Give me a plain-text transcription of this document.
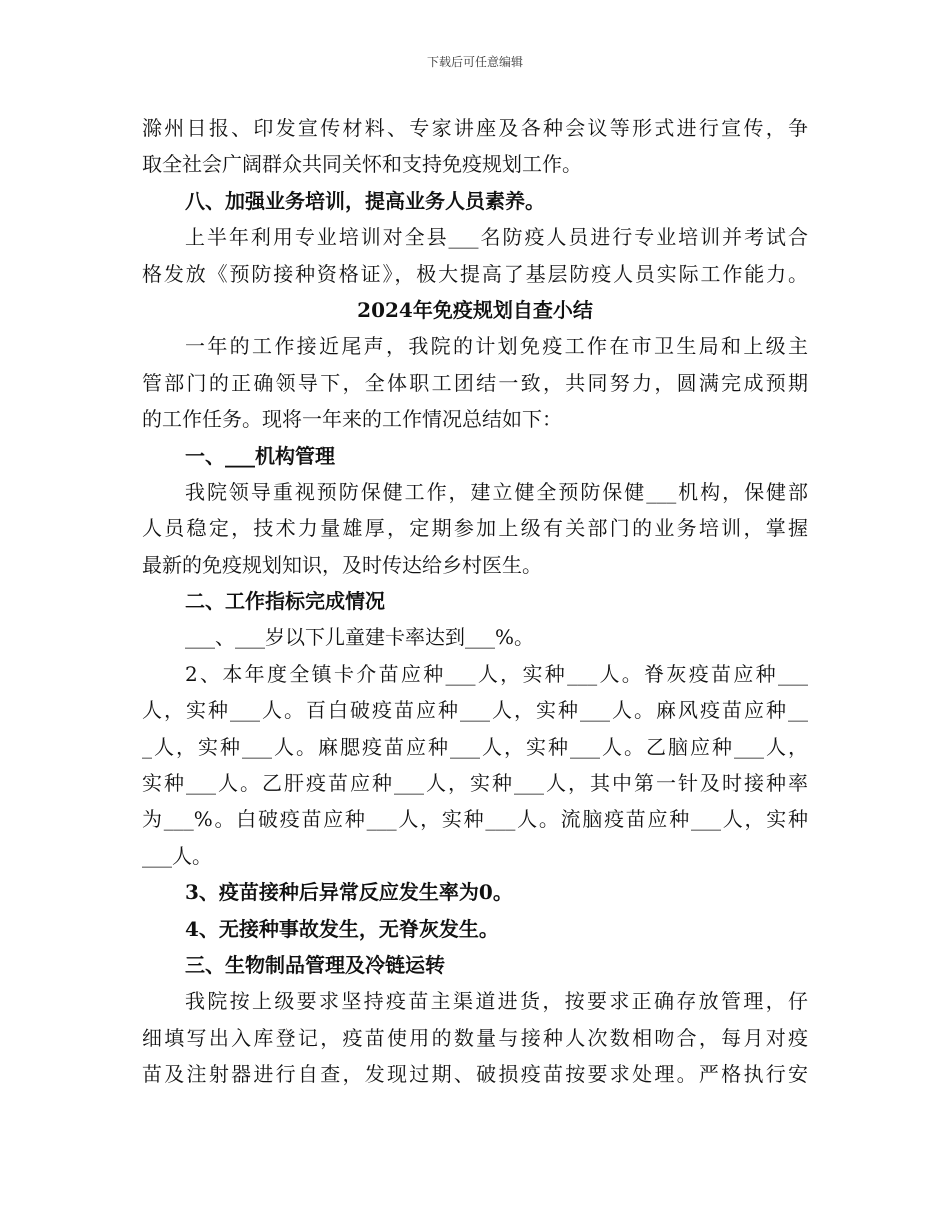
下载后可任意编辑
滁州日报、印发宣传材料、专家讲座及各种会议等形式进行宣传，争
取全社会广阔群众共同关怀和支持免疫规划工作。
八、加强业务培训，提高业务人员素养。
上半年利用专业培训对全县___名防疫人员进行专业培训并考试合
格发放《预防接种资格证》，极大提高了基层防疫人员实际工作能力。
2024年免疫规划自查小结
一年的工作接近尾声，我院的计划免疫工作在市卫生局和上级主
管部门的正确领导下，全体职工团结一致，共同努力，圆满完成预期
的工作任务。现将一年来的工作情况总结如下：
一、___机构管理
我院领导重视预防保健工作，建立健全预防保健___机构，保健部
人员稳定，技术力量雄厚，定期参加上级有关部门的业务培训，掌握
最新的免疫规划知识，及时传达给乡村医生。
二、工作指标完成情况
___、___岁以下儿童建卡率达到___%。
2、本年度全镇卡介苗应种___人，实种___人。脊灰疫苗应种___
人，实种___人。百白破疫苗应种___人，实种___人。麻风疫苗应种__
_人，实种___人。麻腮疫苗应种___人，实种___人。乙脑应种___人，
实种___人。乙肝疫苗应种___人，实种___人，其中第一针及时接种率
为___%。白破疫苗应种___人，实种___人。流脑疫苗应种___人，实种
___人。
3、疫苗接种后异常反应发生率为0。
4、无接种事故发生，无脊灰发生。
三、生物制品管理及冷链运转
我院按上级要求坚持疫苗主渠道进货，按要求正确存放管理，仔
细填写出入库登记，疫苗使用的数量与接种人次数相吻合，每月对疫
苗及注射器进行自查，发现过期、破损疫苗按要求处理。严格执行安
